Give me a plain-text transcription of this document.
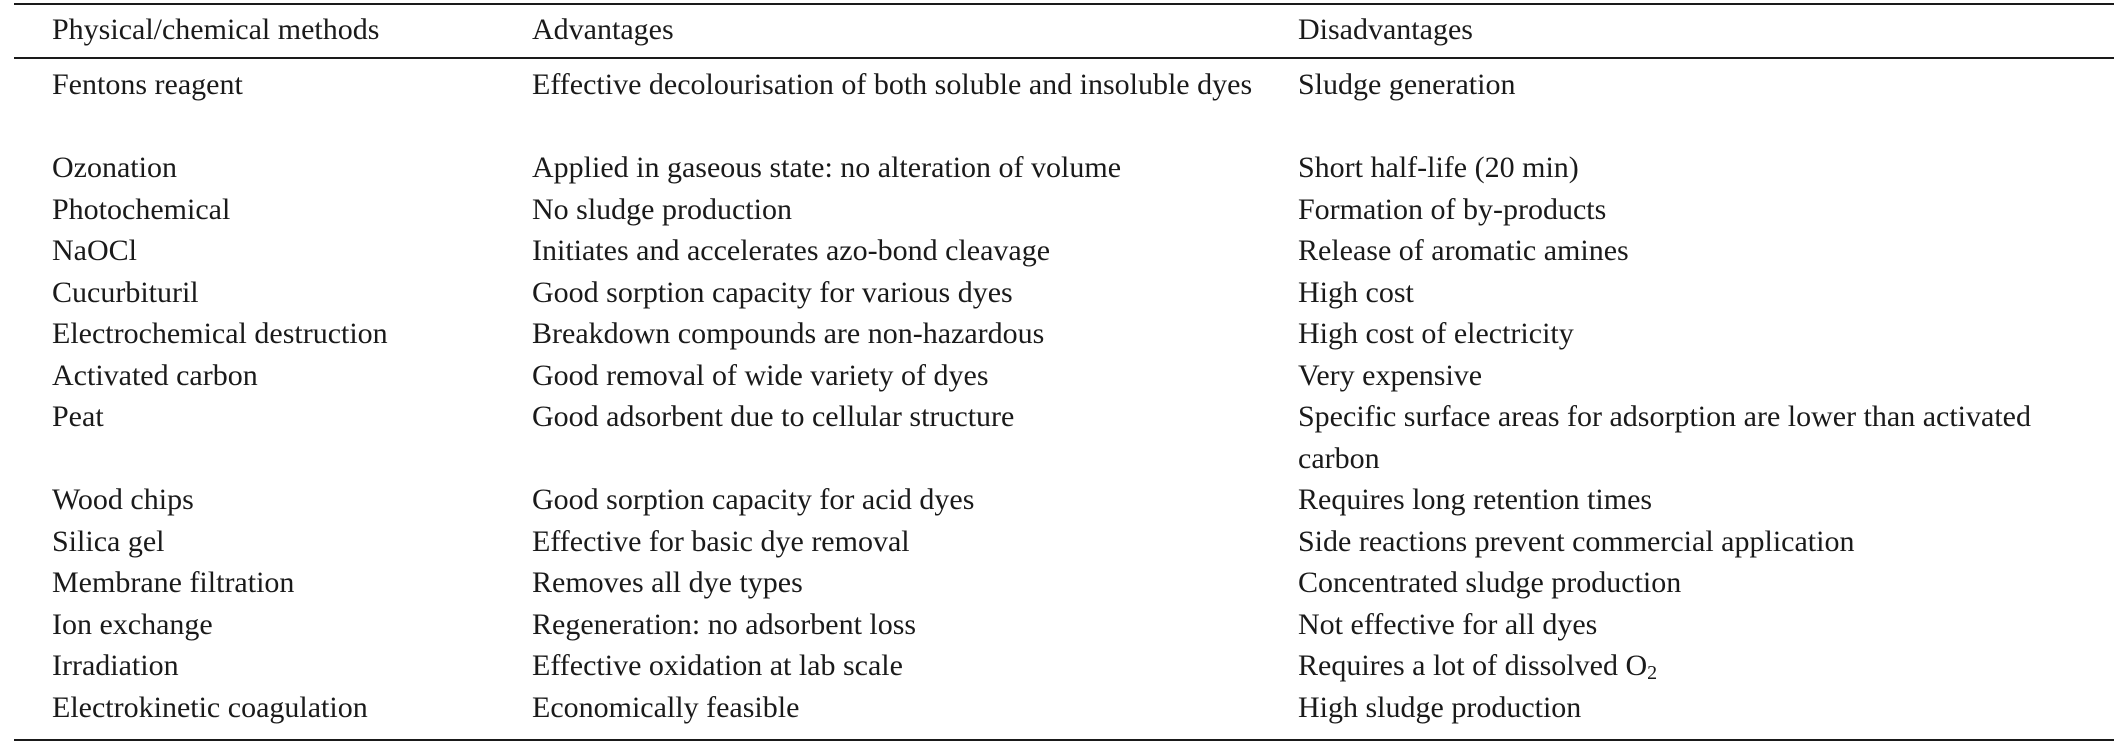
Physical/chemical methods	Advantages	Disadvantages
Fentons reagent	Effective decolourisation of both soluble and insoluble dyes	Sludge generation
Ozonation	Applied in gaseous state: no alteration of volume	Short half-life (20 min)
Photochemical	No sludge production	Formation of by-products
NaOCl	Initiates and accelerates azo-bond cleavage	Release of aromatic amines
Cucurbituril	Good sorption capacity for various dyes	High cost
Electrochemical destruction	Breakdown compounds are non-hazardous	High cost of electricity
Activated carbon	Good removal of wide variety of dyes	Very expensive
Peat	Good adsorbent due to cellular structure	Specific surface areas for adsorption are lower than activated carbon
Wood chips	Good sorption capacity for acid dyes	Requires long retention times
Silica gel	Effective for basic dye removal	Side reactions prevent commercial application
Membrane filtration	Removes all dye types	Concentrated sludge production
Ion exchange	Regeneration: no adsorbent loss	Not effective for all dyes
Irradiation	Effective oxidation at lab scale	Requires a lot of dissolved $O_2$
Electrokinetic coagulation	Economically feasible	High sludge production
